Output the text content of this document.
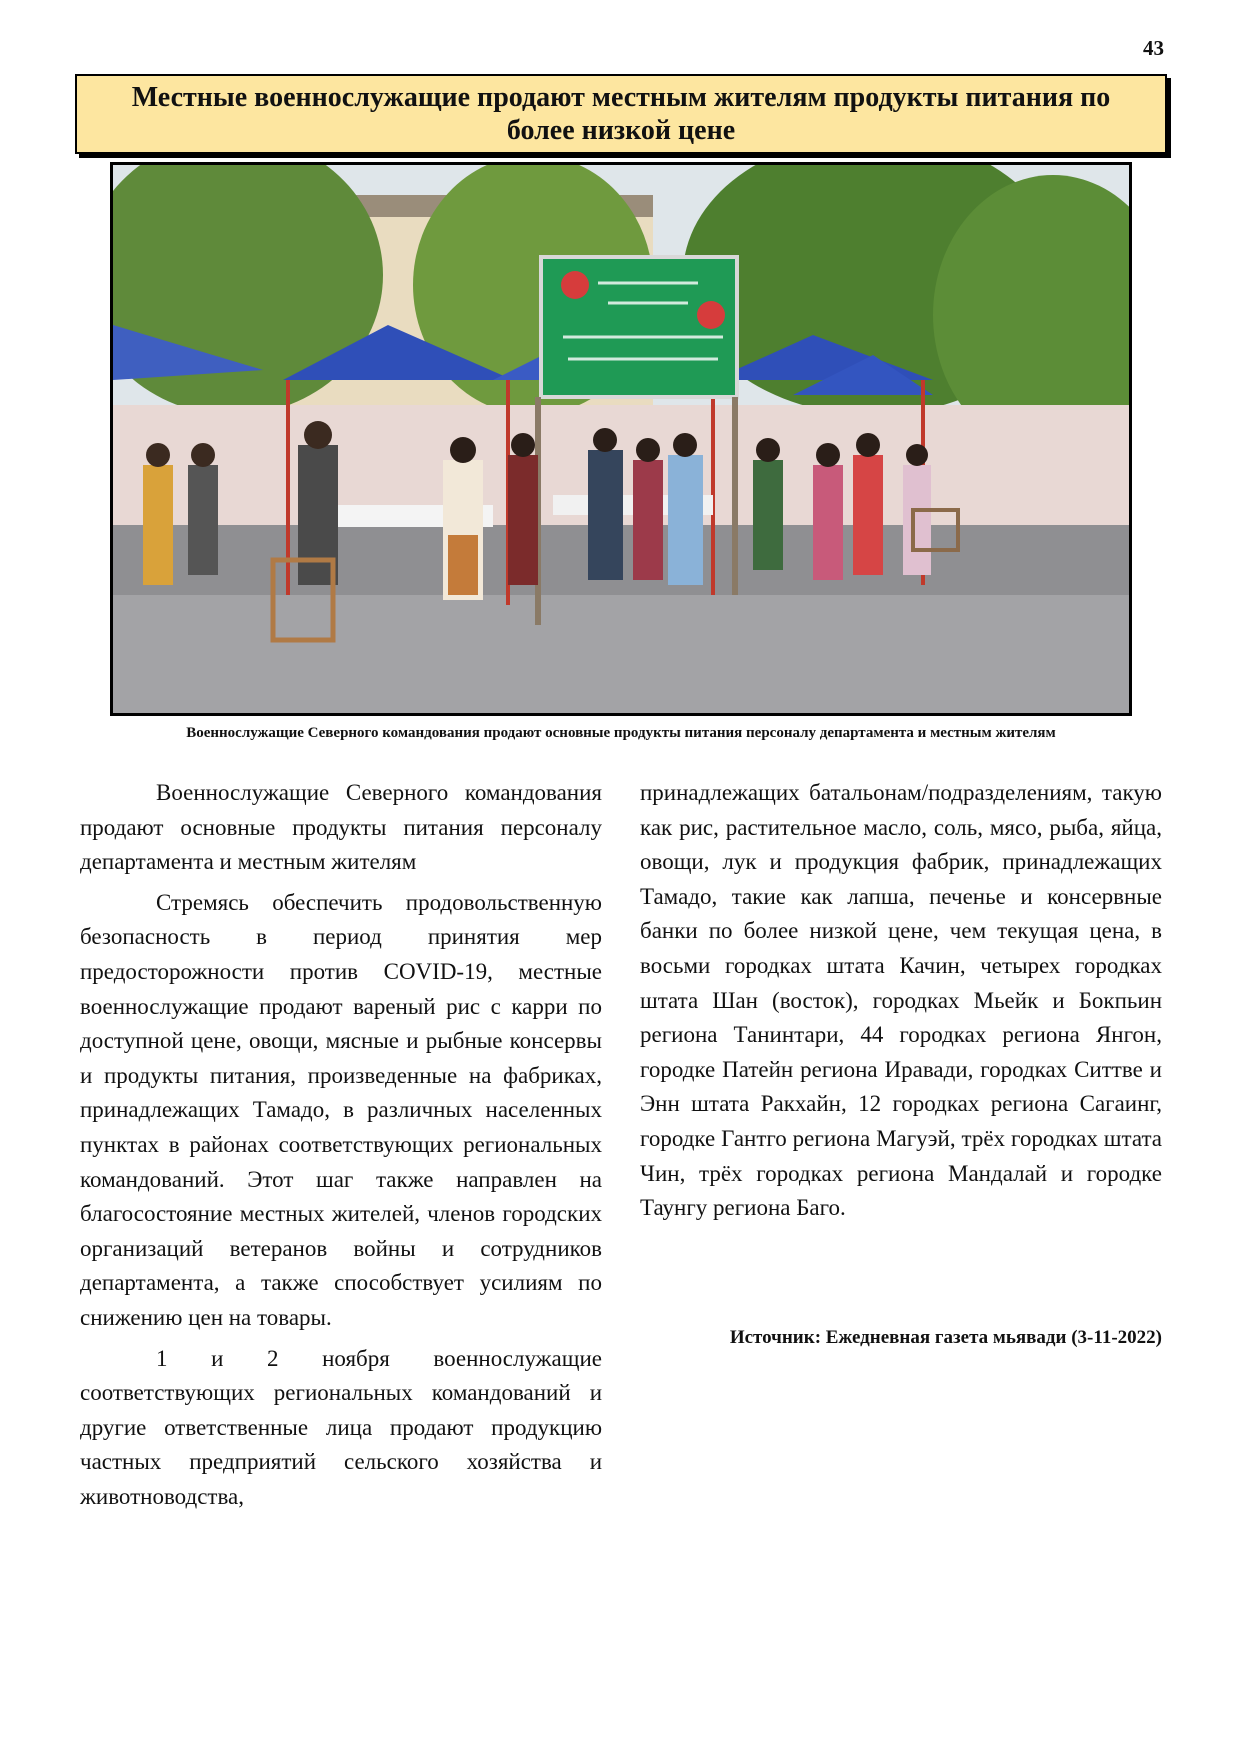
43
Местные военнослужащие продают местным жителям продукты питания по более низкой цене
Военнослужащие Северного командования продают основные продукты питания персоналу департамента и местным жителям

Военнослужащие Северного командования продают основные продукты питания персоналу департамента и местным жителям

Стремясь обеспечить продовольственную безопасность в период принятия мер предосторожности против COVID-19, местные военнослужащие продают вареный рис с карри по доступной цене, овощи, мясные и рыбные консервы и продукты питания, произведенные на фабриках, принадлежащих Тамадо, в различных населенных пунктах в районах соответствующих региональных командований. Этот шаг также направлен на благосостояние местных жителей, членов городских организаций ветеранов войны и сотрудников департамента, а также способствует усилиям по снижению цен на товары.

1 и 2 ноября военнослужащие соответствующих региональных командований и другие ответственные лица продают продукцию частных предприятий сельского хозяйства и животноводства,

принадлежащих батальонам/подразделениям, такую как рис, растительное масло, соль, мясо, рыба, яйца, овощи, лук и продукция фабрик, принадлежащих Тамадо, такие как лапша, печенье и консервные банки по более низкой цене, чем текущая цена, в восьми городках штата Качин, четырех городках штата Шан (восток), городках Мьейк и Бокпьин региона Танинтари, 44 городках региона Янгон, городке Патейн региона Иравади, городках Ситтве и Энн штата Ракхайн, 12 городках региона Сагаинг, городке Гантго региона Магуэй, трёх городках штата Чин, трёх городках региона Мандалай и городке Таунгу региона Баго.

Источник: Ежедневная газета мьявади (3-11-2022)
